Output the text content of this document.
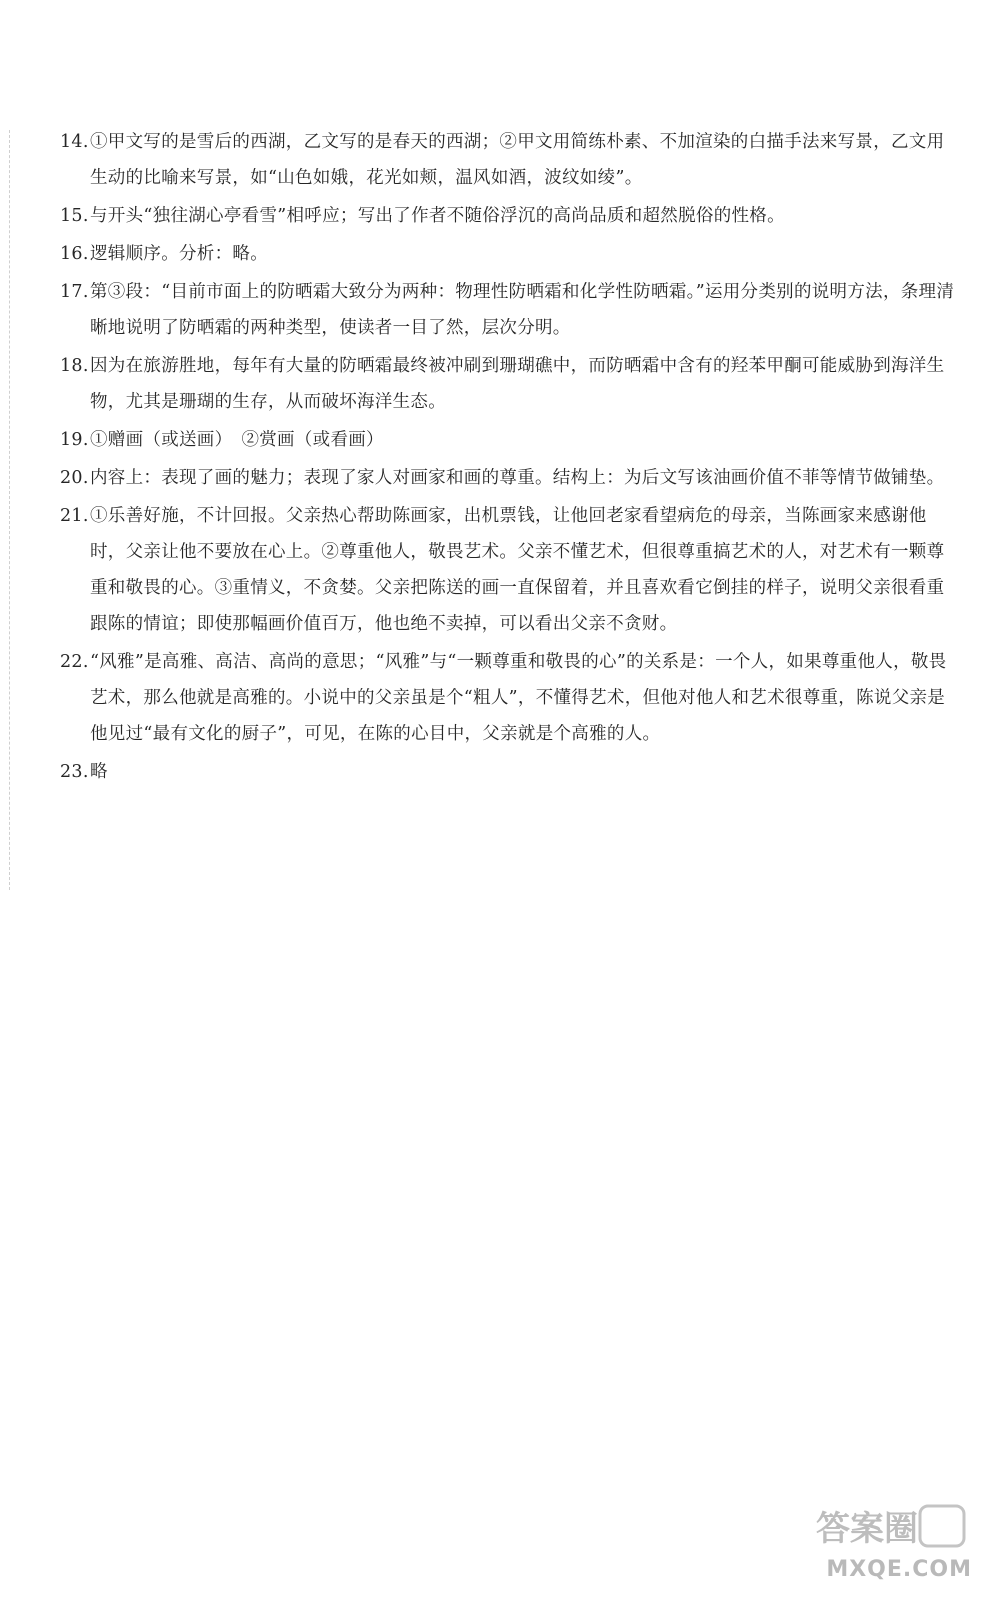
14.①甲文写的是雪后的西湖，乙文写的是春天的西湖；②甲文用简练朴素、不加渲染的白描手法来写景，乙文用生动的比喻来写景，如“山色如娥，花光如颊，温风如酒，波纹如绫”。

15.与开头“独往湖心亭看雪”相呼应；写出了作者不随俗浮沉的高尚品质和超然脱俗的性格。

16.逻辑顺序。分析：略。

17.第③段：“目前市面上的防晒霜大致分为两种：物理性防晒霜和化学性防晒霜。”运用分类别的说明方法，条理清晰地说明了防晒霜的两种类型，使读者一目了然，层次分明。

18.因为在旅游胜地，每年有大量的防晒霜最终被冲刷到珊瑚礁中，而防晒霜中含有的羟苯甲酮可能威胁到海洋生物，尤其是珊瑚的生存，从而破坏海洋生态。

19.①赠画（或送画）　②赏画（或看画）

20.内容上：表现了画的魅力；表现了家人对画家和画的尊重。结构上：为后文写该油画价值不菲等情节做铺垫。

21.①乐善好施，不计回报。父亲热心帮助陈画家，出机票钱，让他回老家看望病危的母亲，当陈画家来感谢他时，父亲让他不要放在心上。②尊重他人，敬畏艺术。父亲不懂艺术，但很尊重搞艺术的人，对艺术有一颗尊重和敬畏的心。③重情义，不贪婪。父亲把陈送的画一直保留着，并且喜欢看它倒挂的样子，说明父亲很看重跟陈的情谊；即使那幅画价值百万，他也绝不卖掉，可以看出父亲不贪财。

22.“风雅”是高雅、高洁、高尚的意思；“风雅”与“一颗尊重和敬畏的心”的关系是：一个人，如果尊重他人，敬畏艺术，那么他就是高雅的。小说中的父亲虽是个“粗人”，不懂得艺术，但他对他人和艺术很尊重，陈说父亲是他见过“最有文化的厨子”，可见，在陈的心目中，父亲就是个高雅的人。

23.略

答案圈
MXQE.COM
